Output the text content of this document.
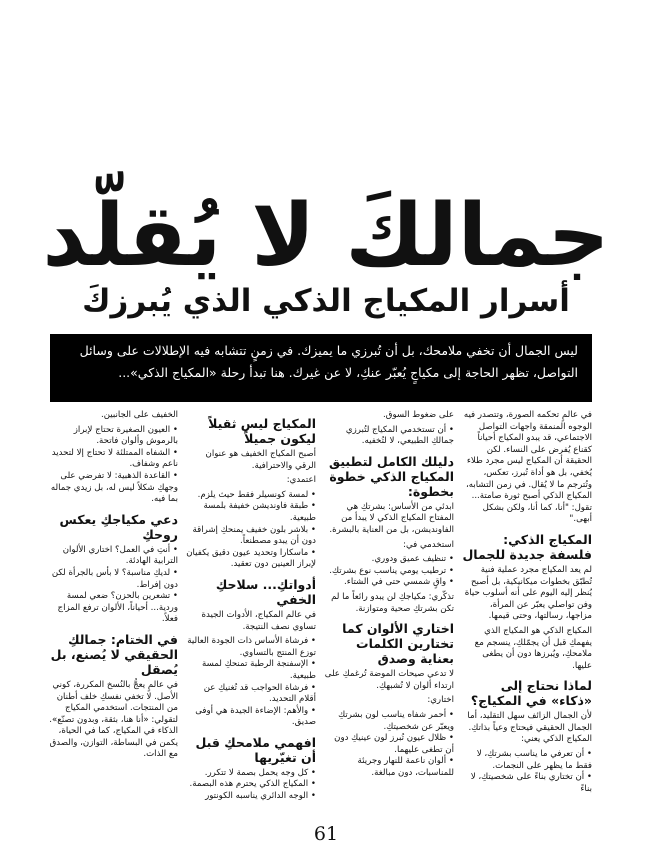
جمالكَ لا يُقلّد
أسرار المكياج الذكي الذي يُبرزكَ
ليس الجمال أن تخفي ملامحك، بل أن تُبرزي ما يميزك. في زمنٍ تتشابه فيه الإطلالات على وسائل التواصل، تظهر الحاجة إلى مكياجٍ يُعبّر عنكِ، لا عن غيرك. هنا تبدأ رحلة «المكياج الذكي»...

في عالمٍ تحكمه الصورة، وتتصدر فيه الوجوه المنمقة واجهات التواصل الاجتماعي، قد يبدو المكياج أحياناً كقناع يُفرض على النساء. لكن الحقيقة أن المكياج ليس مجرد طلاء يُخفي، بل هو أداة تُبرز، تعكس، وتُترجم ما لا يُقال. في زمن التشابه، المكياج الذكي أصبح ثورة صامتة... تقول: "أنا، كما أنا، ولكن بشكل أبهى."

المكياج الذكي: فلسفة جديدة للجمال

لم يعد المكياج مجرد عملية فنية تُطبّق بخطوات ميكانيكية، بل أصبح يُنظر إليه اليوم على أنه أسلوب حياة وفن تواصلي يعبّر عن المرأة، مزاجها، رسالتها، وحتى قيمها.

المكياج الذكي هو المكياج الذي يفهمكِ قبل أن يجمّلكِ، ينسجم مع ملامحكِ، ويُبرزها دون أن يطغى عليها.

لماذا نحتاج إلى «ذكاء» في المكياج؟

لأن الجمال الزائف سهل التقليد، أما الجمال الحقيقي فيحتاج وعياً بذاتكِ. المكياج الذكي يعني:

• أن تعرفي ما يناسب بشرتكِ، لا فقط ما يظهر على النجمات.
• أن تختاري بناءً على شخصيتكِ، لا بناءً

على ضغوط السوق.

• أن تستخدمي المكياج لتُبرزي جمالكِ الطبيعي، لا لتُخفيه.
دليلك الكامل لتطبيق المكياج الذكي خطوة بخطوة:

ابدئي من الأساس: بشرتكِ هي المفتاح المكياج الذكي لا يبدأ من الفاونديشن، بل من العناية بالبشرة.

استخدمي في:

• تنظيف عميق ودوري.
• ترطيب يومي يناسب نوع بشرتكِ.
• واقٍ شمسي حتى في الشتاء.

تذكّري: مكياجكِ لن يبدو رائعاً ما لم تكن بشرتكِ صحية ومتوازنة.

اختاري الألوان كما تختارين الكلمات بعناية وصدق

لا تدعي صيحات الموضة تُرغمكِ على ارتداء ألوان لا تُشبهكِ.

اختاري:

• أحمر شفاه يناسب لون بشرتكِ ويعبّر عن شخصيتكِ.
• ظلال عيون تُبرز لون عينيكِ دون أن تطغى عليهما.
• ألوان ناعمة للنهار وجريئة للمناسبات، دون مبالغة.
المكياج ليس ثقيلاً ليكون جميلاً

أصبح المكياج الخفيف هو عنوان الرقي والاحترافية.

اعتمدي:

• لمسة كونسيلر فقط حيث يلزم.
• طبقة فاونديشن خفيفة بلمسة طبيعية.
• بلاشر بلون خفيف يمنحكِ إشراقة دون أن يبدو مصطنعاً.
• ماسكارا وتحديد عيون دقيق يكفيان لإبراز العينين دون تعقيد.
أدواتكِ... سلاحكِ الخفي

في عالم المكياج، الأدوات الجيدة تساوي نصف النتيجة.

• فرشاة الأساس ذات الجودة العالية توزع المنتج بالتساوي.
• الإسفنجة الرطبة تمنحكِ لمسة طبيعية.
• فرشاة الحواجب قد تُغنيكِ عن أقلام التحديد.
• والأهم: الإضاءة الجيدة هي أوفى صديق.
افهمي ملامحكِ قبل أن تغيّريها
• كل وجه يحمل بصمة لا تتكرر.
• المكياج الذكي يحترم هذه البصمة.
• الوجه الدائري يناسبه الكونتور

الخفيف على الجانبين.

• العيون الصغيرة تحتاج لإبراز بالرموش وألوان فاتحة.
• الشفاه الممتلئة لا تحتاج إلا لتحديد ناعم وشفاف.
• القاعدة الذهبية: لا تفرضي على وجهكِ شكلاً ليس له، بل زيدي جماله بما فيه.
دعي مكياجكِ يعكس روحكِ
• أنتِ في العمل؟ اختاري الألوان الترابية الهادئة.
• لديكِ مناسبة؟ لا بأس بالجرأة لكن دون إفراط.
• تشعرين بالحزن؟ ضعي لمسة وردية... أحياناً، الألوان ترفع المزاج فعلاً.
في الختام: جمالكِ الحقيقي لا يُصنع، بل يُصقل

في عالمٍ يعجُّ بالنُسخ المكررة، كوني الأصل. لا تخفي نفسكِ خلف أطنان من المنتجات. استخدمي المكياج لتقولي: «أنا هنا، بثقة، وبدون تصنّع». الذكاء في المكياج، كما في الحياة، يكمن في البساطة، التوازن، والصدق مع الذات.

61
